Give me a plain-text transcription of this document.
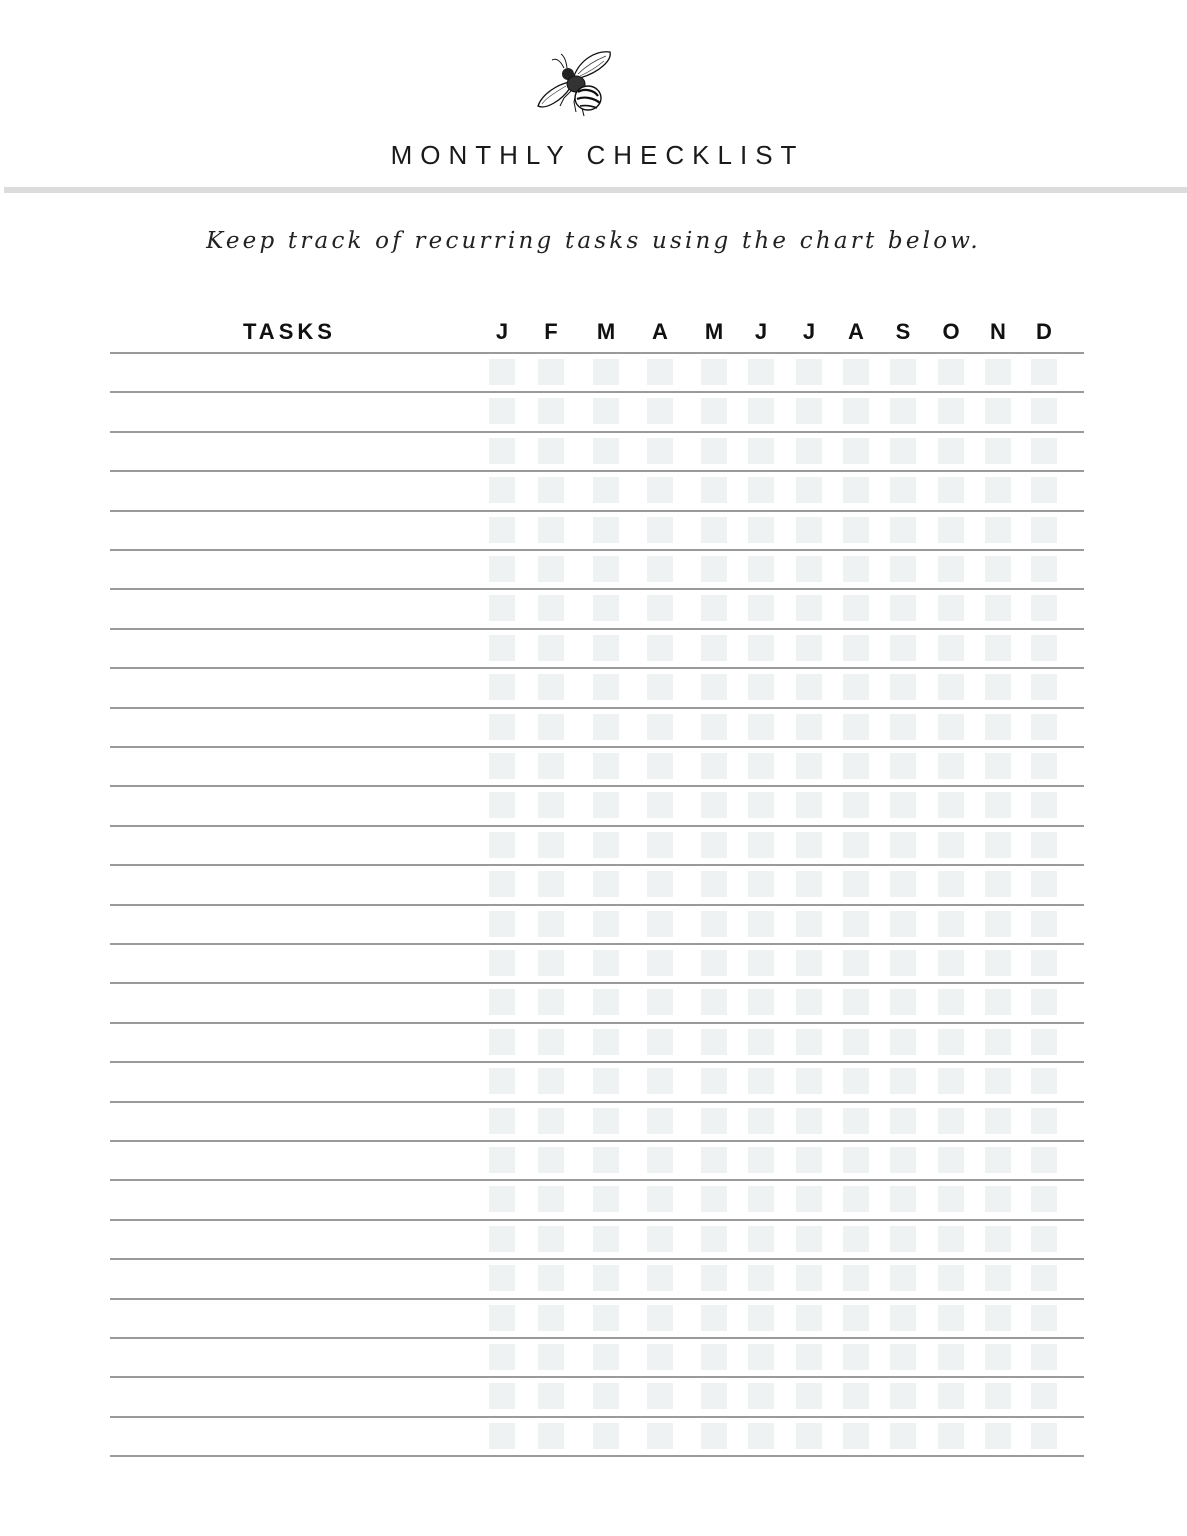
MONTHLY CHECKLIST
Keep track of recurring tasks using the chart below.
TASKS	J	F	M	A	M	J	J	A	S	O	N	D
